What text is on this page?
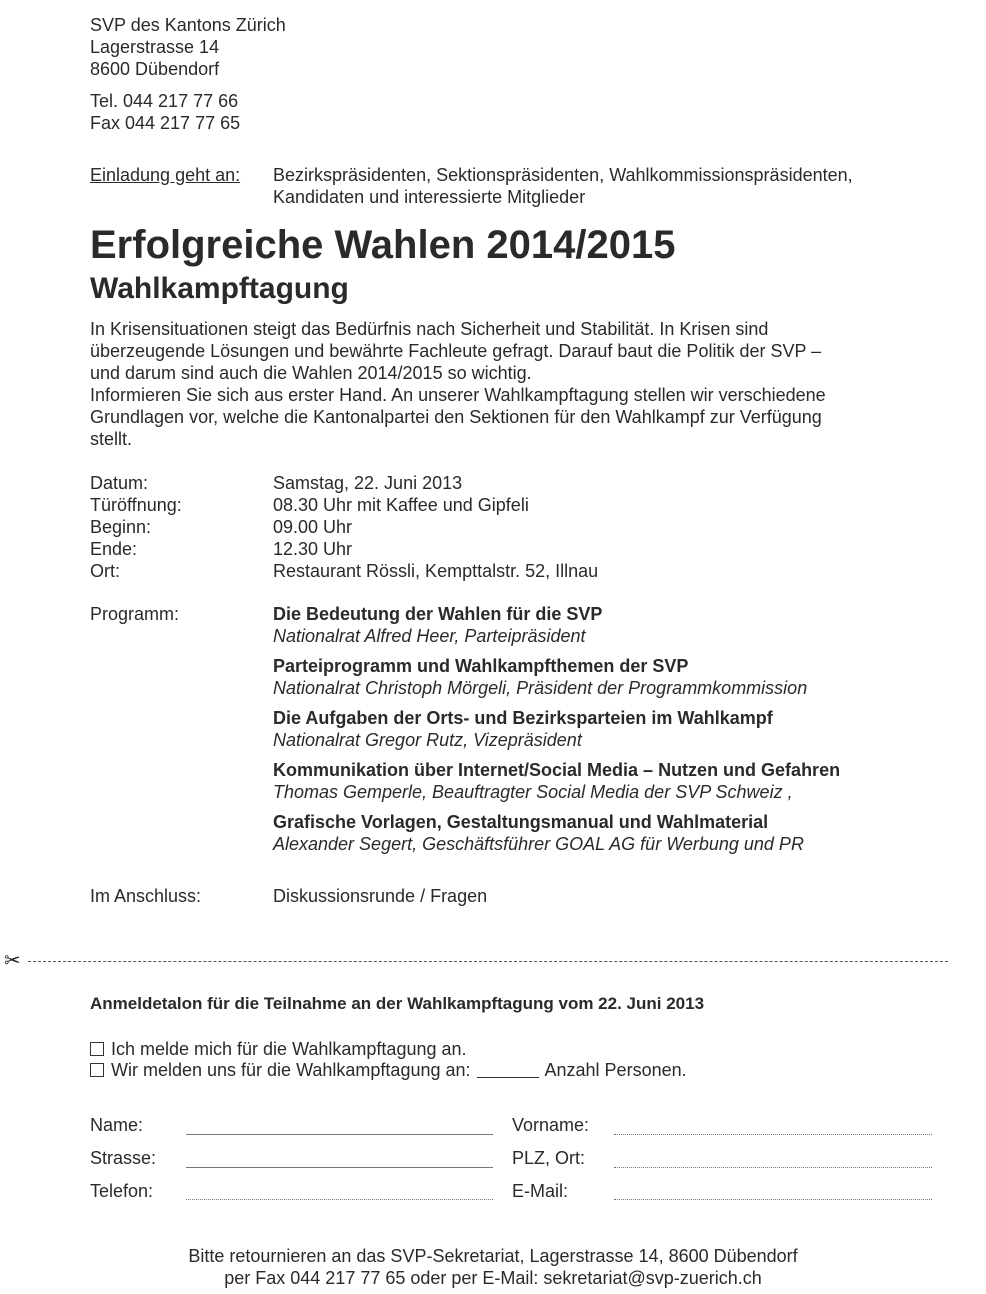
SVP des Kantons Zürich
Lagerstrasse 14
8600 Dübendorf
Tel. 044 217 77 66
Fax 044 217 77 65
Einladung geht an: Bezirkspräsidenten, Sektionspräsidenten, Wahlkommissionspräsidenten,
Kandidaten und interessierte Mitglieder
Erfolgreiche Wahlen 2014/2015
Wahlkampftagung
In Krisensituationen steigt das Bedürfnis nach Sicherheit und Stabilität. In Krisen sind
überzeugende Lösungen und bewährte Fachleute gefragt. Darauf baut die Politik der SVP –
und darum sind auch die Wahlen 2014/2015 so wichtig.
Informieren Sie sich aus erster Hand. An unserer Wahlkampftagung stellen wir verschiedene
Grundlagen vor, welche die Kantonalpartei den Sektionen für den Wahlkampf zur Verfügung
stellt.
Datum:	Samstag, 22. Juni 2013
Türöffnung:	08.30 Uhr mit Kaffee und Gipfeli
Beginn:	09.00 Uhr
Ende:	12.30 Uhr
Ort:	Restaurant Rössli, Kempttalstr. 52, Illnau
Programm:	Die Bedeutung der Wahlen für die SVP
Nationalrat Alfred Heer, Parteipräsident
Parteiprogramm und Wahlkampfthemen der SVP
Nationalrat Christoph Mörgeli, Präsident der Programmkommission
Die Aufgaben der Orts- und Bezirksparteien im Wahlkampf
Nationalrat Gregor Rutz, Vizepräsident
Kommunikation über Internet/Social Media – Nutzen und Gefahren
Thomas Gemperle, Beauftragter Social Media der SVP Schweiz ,
Grafische Vorlagen, Gestaltungsmanual und Wahlmaterial
Alexander Segert, Geschäftsführer GOAL AG für Werbung und PR
Im Anschluss:	Diskussionsrunde / Fragen
✂
Anmeldetalon für die Teilnahme an der Wahlkampftagung vom 22. Juni 2013
Ich melde mich für die Wahlkampftagung an.
Wir melden uns für die Wahlkampftagung an:	Anzahl Personen.
Name:	Vorname:
Strasse:	PLZ, Ort:
Telefon:	E-Mail:
Bitte retournieren an das SVP-Sekretariat, Lagerstrasse 14, 8600 Dübendorf
per Fax 044 217 77 65 oder per E-Mail: sekretariat@svp-zuerich.ch
